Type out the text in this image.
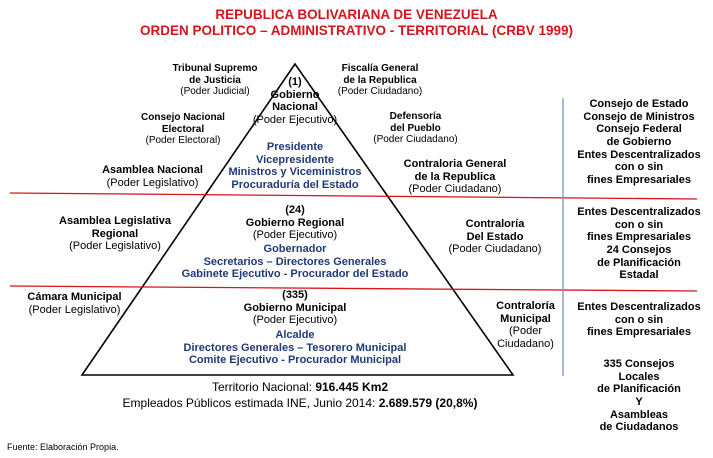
REPUBLICA BOLIVARIANA DE VENEZUELA
ORDEN POLITICO – ADMINISTRATIVO - TERRITORIAL (CRBV 1999)
Tribunal Supremo
de Justicia
(Poder Judicial)
Consejo Nacional
Electoral
(Poder Electoral)
Asamblea Nacional
(Poder Legislativo)
(1)
Gobierno
Nacional
(Poder Ejecutivo)
Presidente
Vicepresidente
Ministros y Viceministros
Procuraduría del Estado
Fiscalía General
de la Republica
(Poder Ciudadano)
Defensoría
del Pueblo
(Poder Ciudadano)
Contraloria General
de la Republica
(Poder Ciudadano)
Consejo de Estado
Consejo de Ministros
Consejo Federal
de Gobierno
Entes Descentralizados
con o sin
fines Empresariales
Asamblea Legislativa
Regional
(Poder Legislativo)
(24)
Gobierno Regional
(Poder Ejecutivo)
Gobernador
Secretarios – Directores Generales
Gabinete Ejecutivo - Procurador del Estado
Contraloría
Del Estado
(Poder Ciudadano)
Entes Descentralizados
con o sin
fines Empresariales
24 Consejos
de Planificación
Estadal
Cámara Municipal
(Poder Legislativo)
(335)
Gobierno Municipal
(Poder Ejecutivo)
Alcalde
Directores Generales – Tesorero Municipal
Comite Ejecutivo - Procurador Municipal
Contraloría
Municipal
(Poder
Ciudadano)
Entes Descentralizados
con o sin
fines Empresariales
335 Consejos
Locales
de Planificación
Y
Asambleas
de Ciudadanos
Territorio Nacional: 916.445 Km2
Empleados Públicos estimada INE, Junio 2014: 2.689.579 (20,8%)
Fuente: Elaboración Propia.
